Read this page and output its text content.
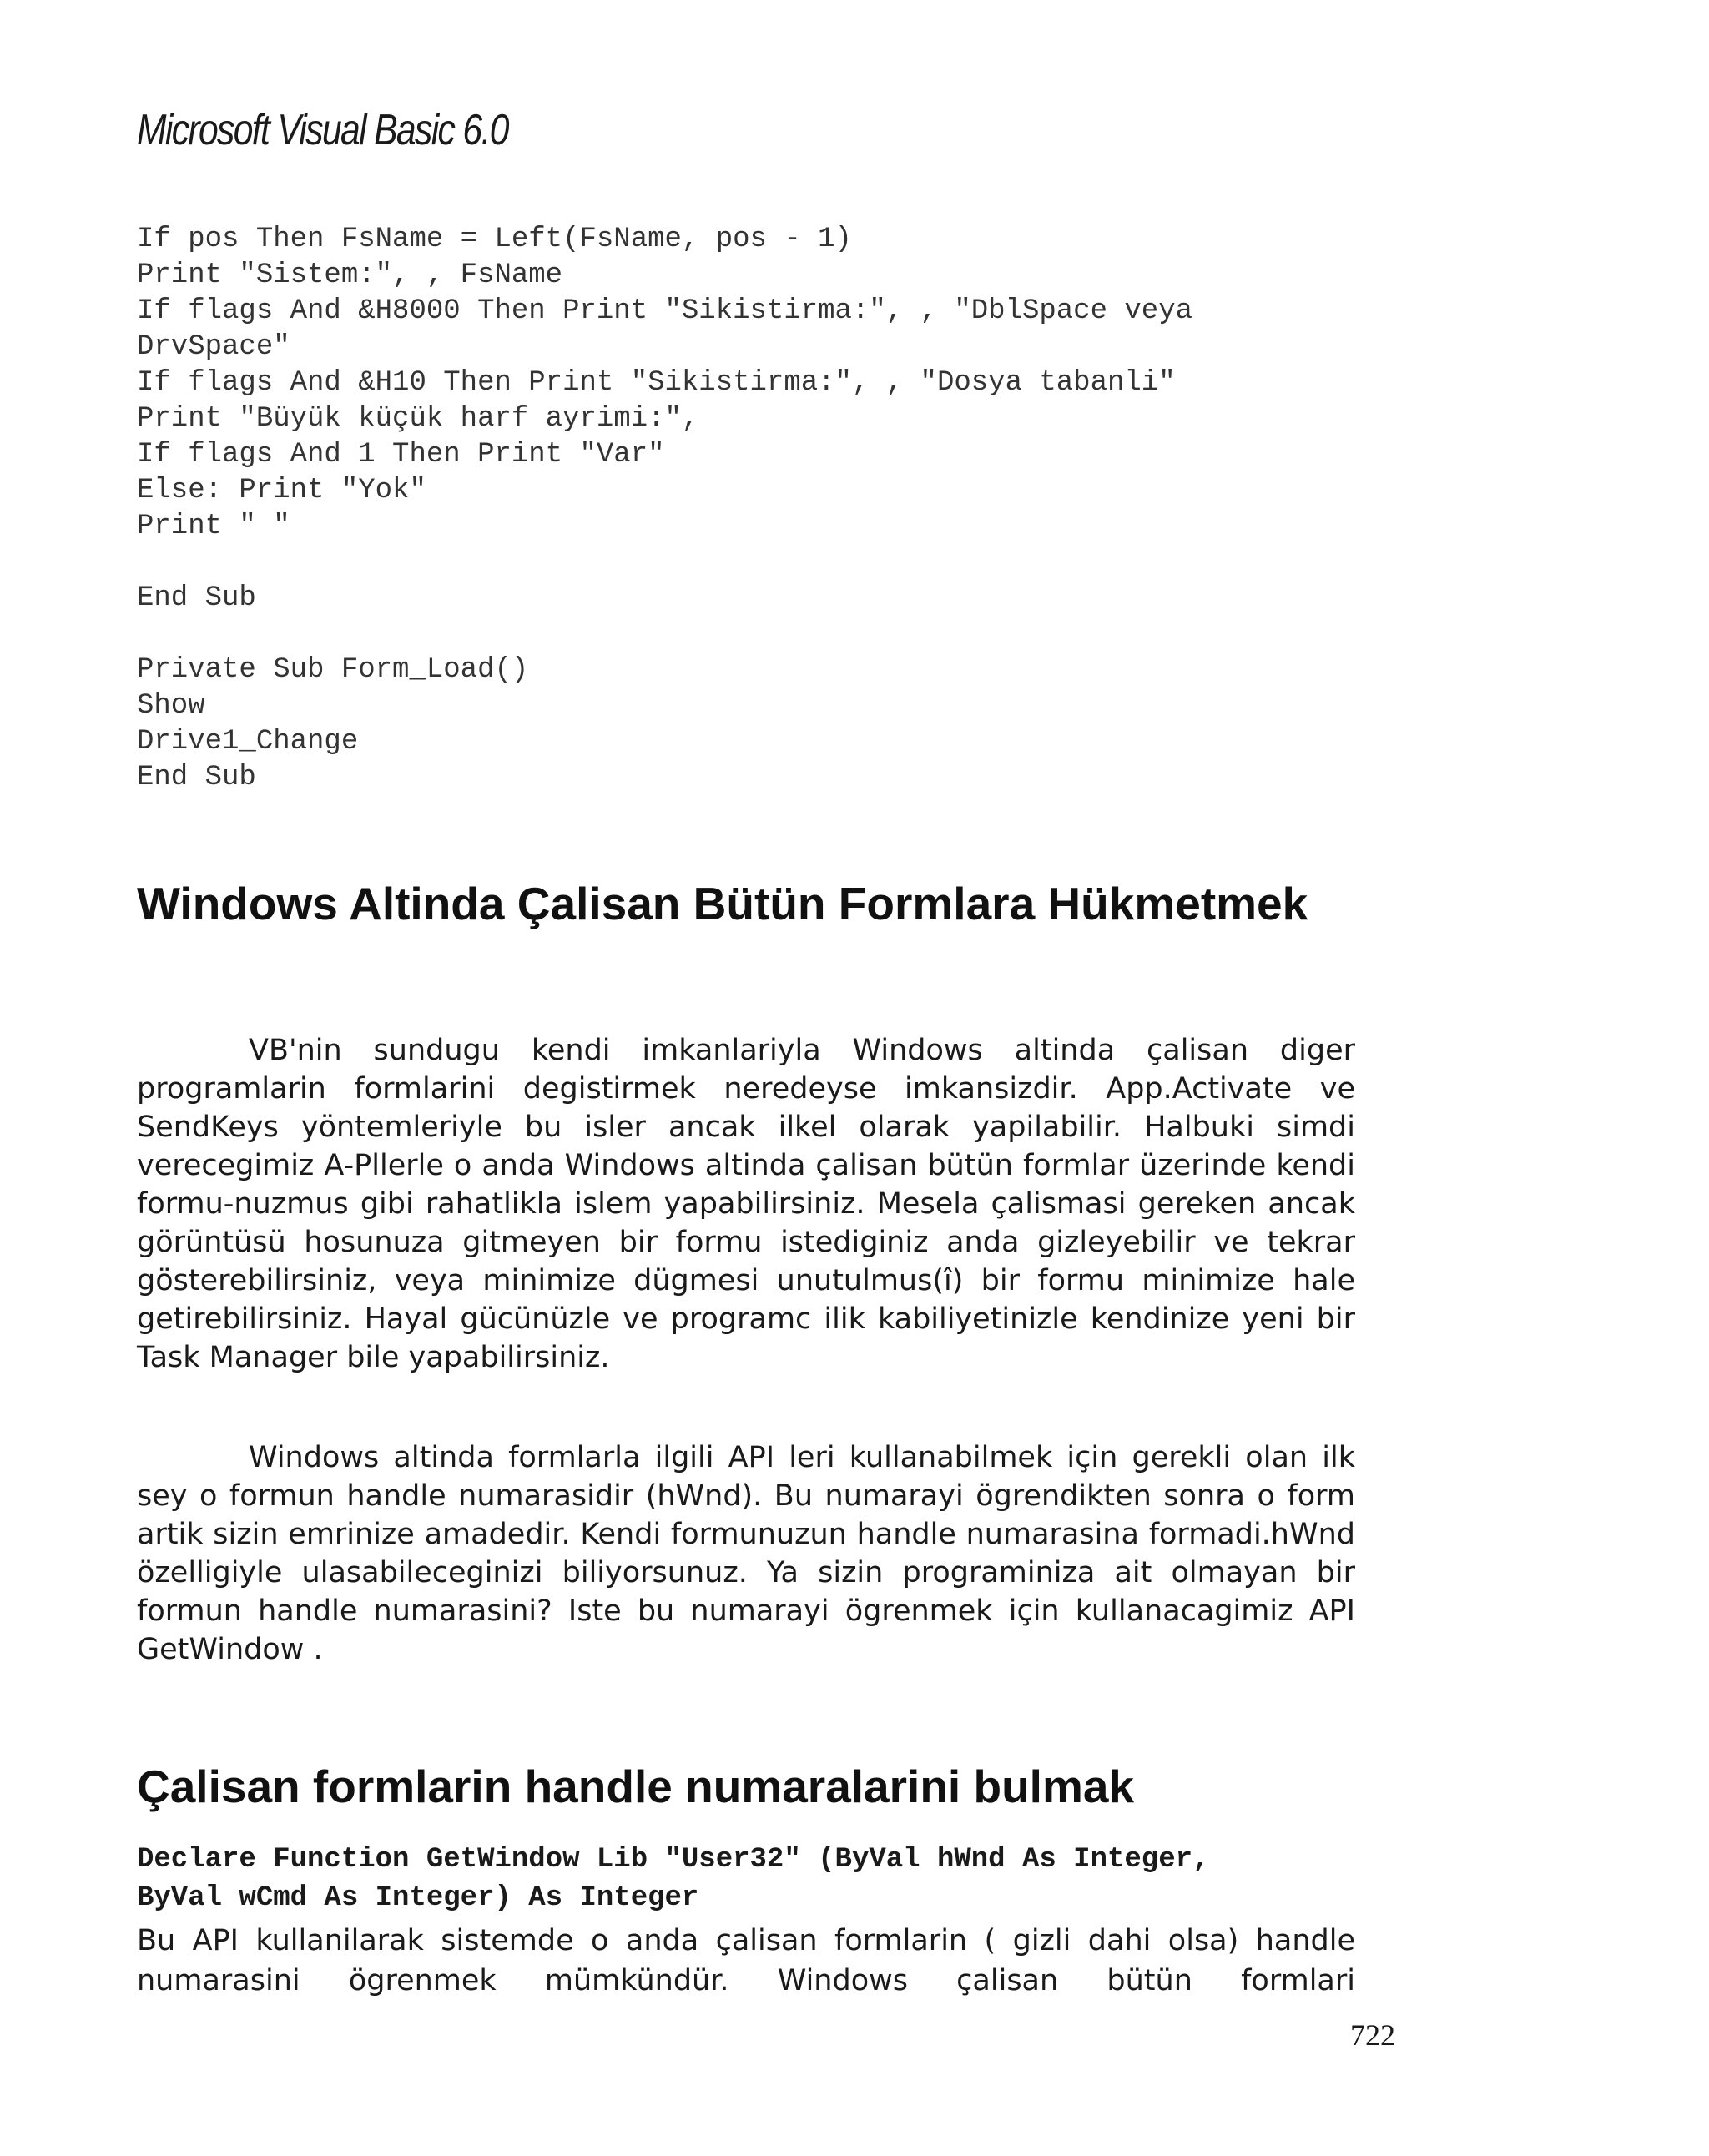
Microsoft Visual Basic 6.0
If pos Then FsName = Left(FsName, pos - 1)
Print "Sistem:", , FsName
If flags And &H8000 Then Print "Sikistirma:", , "DblSpace veya
DrvSpace"
If flags And &H10 Then Print "Sikistirma:", , "Dosya tabanli"
Print "Büyük küçük harf ayrimi:",
If flags And 1 Then Print "Var"
Else: Print "Yok"
Print " "
End Sub
Private Sub Form_Load()
Show
Drive1_Change
End Sub
Windows Altinda Çalisan Bütün Formlara Hükmetmek
VB'nin sundugu kendi imkanlariyla Windows altinda çalisan diger programlarin formlarini degistirmek neredeyse imkansizdir. App.Activate ve SendKeys yöntemleriyle bu isler ancak ilkel olarak yapilabilir. Halbuki simdi verecegimiz A-Pllerle o anda Windows altinda çalisan bütün formlar üzerinde kendi formu-nuzmus gibi rahatlikla islem yapabilirsiniz. Mesela çalismasi gereken ancak görüntüsü hosunuza gitmeyen bir formu istediginiz anda gizleyebilir ve tekrar gösterebilirsiniz, veya minimize dügmesi unutulmus(î) bir formu minimize hale getirebilirsiniz. Hayal gücünüzle ve programc ilik kabiliyetinizle kendinize yeni bir Task Manager bile yapabilirsiniz.
Windows altinda formlarla ilgili API leri kullanabilmek için gerekli olan ilk sey o formun handle numarasidir (hWnd). Bu numarayi ögrendikten sonra o form artik sizin emrinize amadedir. Kendi formunuzun handle numarasina formadi.hWnd özelligiyle ulasabileceginizi biliyorsunuz. Ya sizin programiniza ait olmayan bir formun handle numarasini? Iste bu numarayi ögrenmek için kullanacagimiz API GetWindow .
Çalisan formlarin handle numaralarini bulmak
Declare Function GetWindow Lib "User32" (ByVal hWnd As Integer,
ByVal wCmd As Integer) As Integer
Bu API kullanilarak sistemde o anda çalisan formlarin ( gizli dahi olsa) handle numarasini ögrenmek mümkündür. Windows çalisan bütün formlari
722
